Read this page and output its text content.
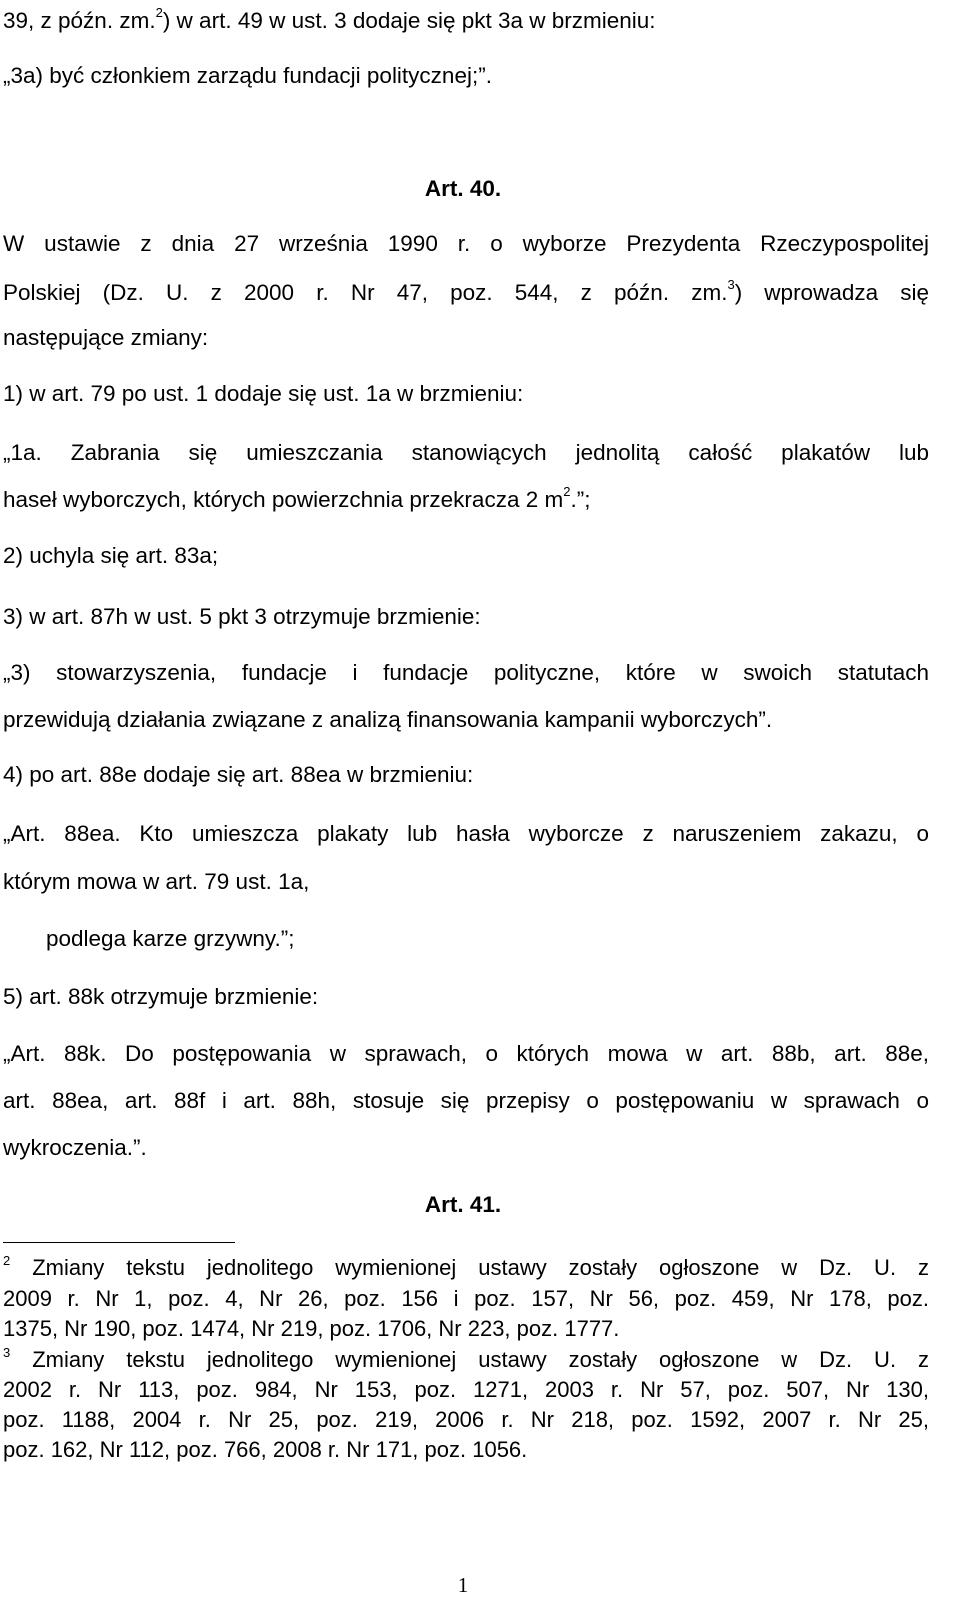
39, z późn. zm.$^2$) w art. 49 w ust. 3 dodaje się pkt 3a w brzmieniu:
„3a) być członkiem zarządu fundacji politycznej;”.
Art. 40.
W ustawie z dnia 27 września 1990 r. o wyborze Prezydenta Rzeczypospolitej
Polskiej (Dz. U. z 2000 r. Nr 47, poz. 544, z późn. zm.$^3$) wprowadza się
następujące zmiany:
1) w art. 79 po ust. 1 dodaje się ust. 1a w brzmieniu:
„1a. Zabrania się umieszczania stanowiących jednolitą całość plakatów lub
haseł wyborczych, których powierzchnia przekracza 2 $m^2$.”;
2) uchyla się art. 83a;
3) w art. 87h w ust. 5 pkt 3 otrzymuje brzmienie:
„3) stowarzyszenia, fundacje i fundacje polityczne, które w swoich statutach
przewidują działania związane z analizą finansowania kampanii wyborczych”.
4) po art. 88e dodaje się art. 88ea w brzmieniu:
„Art. 88ea. Kto umieszcza plakaty lub hasła wyborcze z naruszeniem zakazu, o
którym mowa w art. 79 ust. 1a,
podlega karze grzywny.”;
5) art. 88k otrzymuje brzmienie:
„Art. 88k. Do postępowania w sprawach, o których mowa w art. 88b, art. 88e,
art. 88ea, art. 88f i art. 88h, stosuje się przepisy o postępowaniu w sprawach o
wykroczenia.”.
Art. 41.
$^2$ Zmiany tekstu jednolitego wymienionej ustawy zostały ogłoszone w Dz. U. z
2009 r. Nr 1, poz. 4, Nr 26, poz. 156 i poz. 157, Nr 56, poz. 459, Nr 178, poz.
1375, Nr 190, poz. 1474, Nr 219, poz. 1706, Nr 223, poz. 1777.
$^3$ Zmiany tekstu jednolitego wymienionej ustawy zostały ogłoszone w Dz. U. z
2002 r. Nr 113, poz. 984, Nr 153, poz. 1271, 2003 r. Nr 57, poz. 507, Nr 130,
poz. 1188, 2004 r. Nr 25, poz. 219, 2006 r. Nr 218, poz. 1592, 2007 r. Nr 25,
poz. 162, Nr 112, poz. 766, 2008 r. Nr 171, poz. 1056.
1
